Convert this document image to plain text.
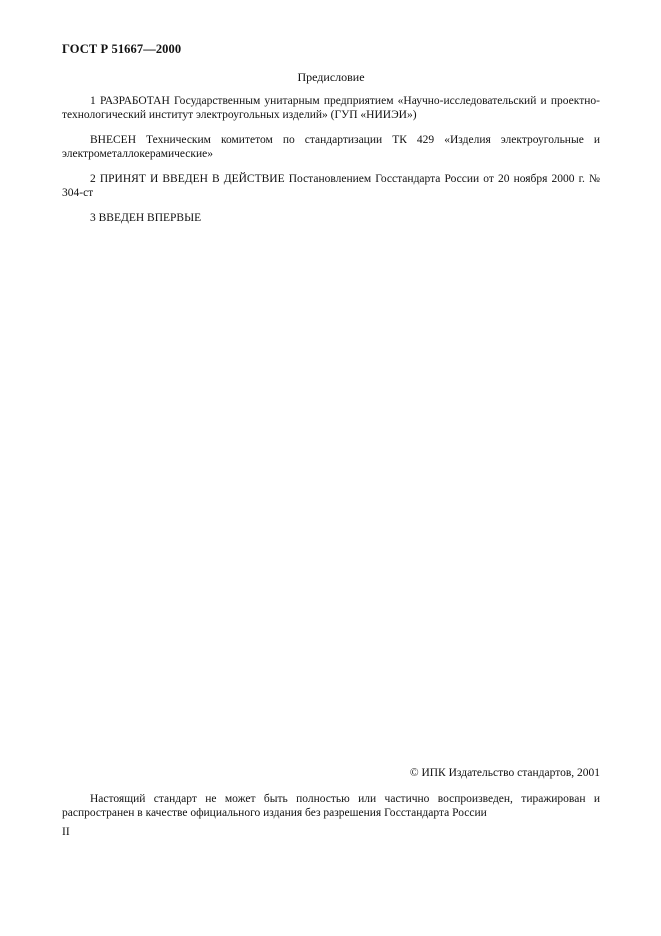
ГОСТ Р 51667—2000
Предисловие

1 РАЗРАБОТАН Государственным унитарным предприятием «Научно-исследовательский и проектно-технологический институт электроугольных изделий» (ГУП «НИИЭИ»)

ВНЕСЕН Техническим комитетом по стандартизации ТК 429 «Изделия электроугольные и электрометаллокерамические»

2 ПРИНЯТ И ВВЕДЕН В ДЕЙСТВИЕ Постановлением Госстандарта России от 20 ноября 2000 г. № 304-ст

3 ВВЕДЕН ВПЕРВЫЕ

© ИПК Издательство стандартов, 2001
Настоящий стандарт не может быть полностью или частично воспроизведен, тиражирован и распространен в качестве официального издания без разрешения Госстандарта России
II
